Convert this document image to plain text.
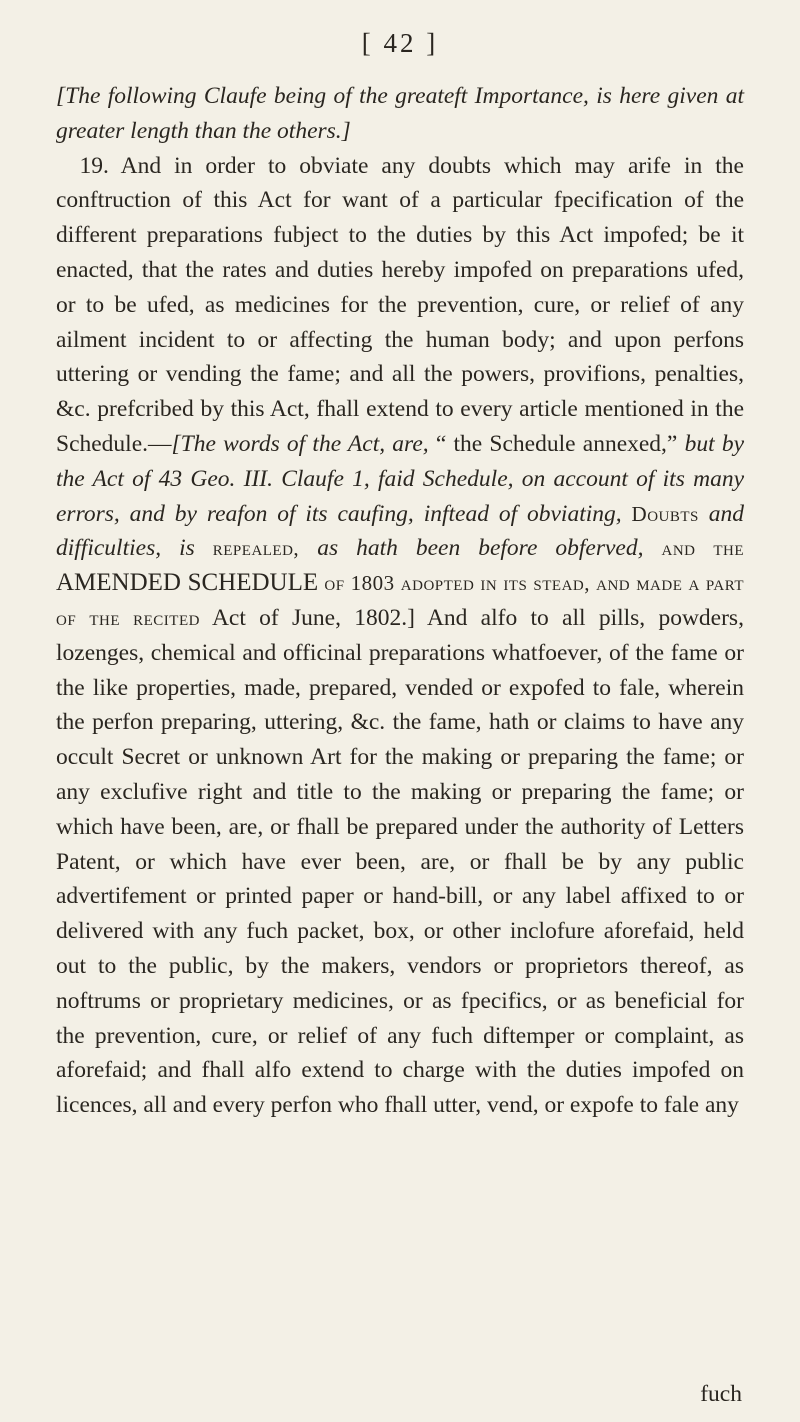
[ 42 ]
[The following Claufe being of the greateft Importance, is here given at greater length than the others.]
 19. And in order to obviate any doubts which may arife in the conftruction of this Act for want of a particular fpecification of the different preparations fubject to the duties by this Act impofed; be it enacted, that the rates and duties hereby impofed on preparations ufed, or to be ufed, as medicines for the prevention, cure, or relief of any ailment incident to or affecting the human body; and upon perfons uttering or vending the fame; and all the powers, provifions, penalties, &c. prefcribed by this Act, fhall extend to every article mentioned in the Schedule.—[The words of the Act, are, “ the Schedule annexed,” but by the Act of 43 Geo. III. Claufe 1, faid Schedule, on account of its many errors, and by reafon of its caufing, inftead of obviating, Doubts and difficulties, is repealed, as hath been before obferved, and the AMENDED SCHEDULE of 1803 adopted in its stead, and made a part of the recited Act of June, 1802.] And alfo to all pills, powders, lozenges, chemical and officinal preparations whatfoever, of the fame or the like properties, made, prepared, vended or expofed to fale, wherein the perfon preparing, uttering, &c. the fame, hath or claims to have any occult Secret or unknown Art for the making or preparing the fame; or any exclufive right and title to the making or preparing the fame; or which have been, are, or fhall be prepared under the authority of Letters Patent, or which have ever been, are, or fhall be by any public advertifement or printed paper or hand-bill, or any label affixed to or delivered with any fuch packet, box, or other inclofure aforefaid, held out to the public, by the makers, vendors or proprietors thereof, as noftrums or proprietary medicines, or as fpecifics, or as beneficial for the prevention, cure, or relief of any fuch diftemper or complaint, as aforefaid; and fhall alfo extend to charge with the duties impofed on licences, all and every perfon who fhall utter, vend, or expofe to fale any
fuch
